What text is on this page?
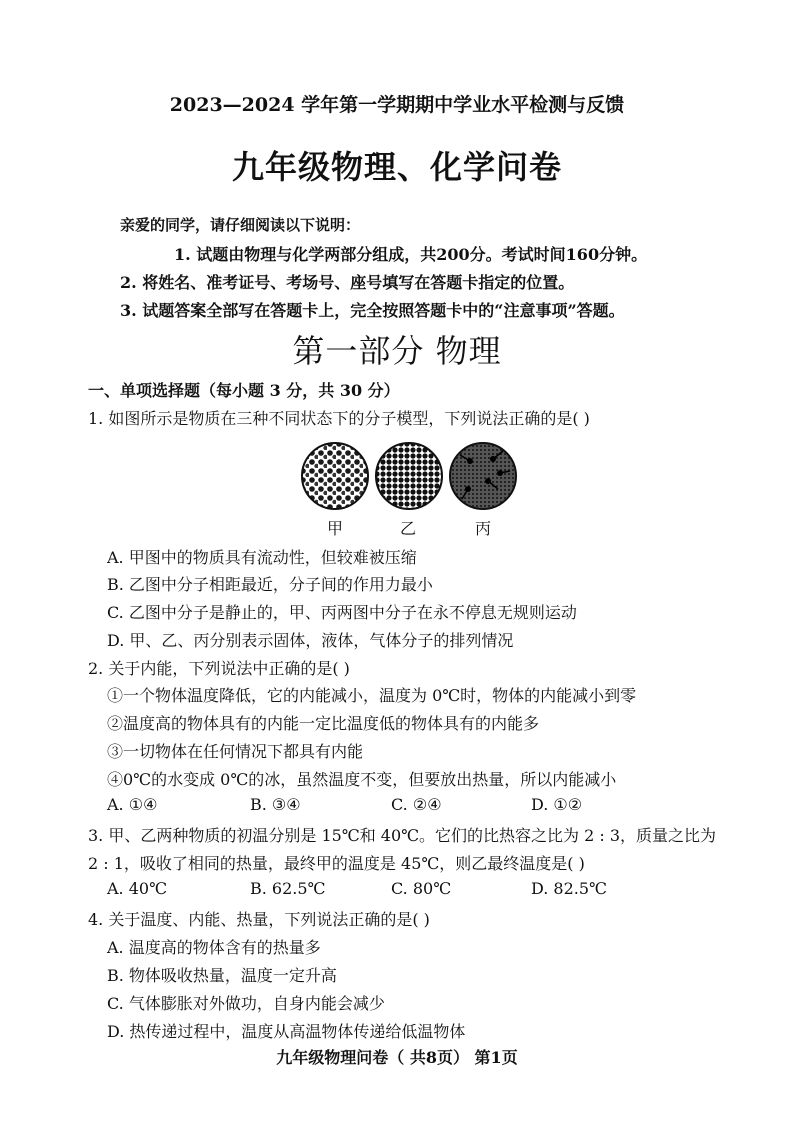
2023—2024 学年第一学期期中学业水平检测与反馈
九年级物理、化学问卷
亲爱的同学，请仔细阅读以下说明：
1. 试题由物理与化学两部分组成，共200分。考试时间160分钟。
2. 将姓名、准考证号、考场号、座号填写在答题卡指定的位置。
3. 试题答案全部写在答题卡上，完全按照答题卡中的“注意事项”答题。
第一部分 物理
一、单项选择题（每小题 3 分，共 30 分）
1. 如图所示是物质在三种不同状态下的分子模型，下列说法正确的是( )
甲	乙	丙
A. 甲图中的物质具有流动性，但较难被压缩
B. 乙图中分子相距最近，分子间的作用力最小
C. 乙图中分子是静止的，甲、丙两图中分子在永不停息无规则运动
D. 甲、乙、丙分别表示固体，液体，气体分子的排列情况
2. 关于内能，下列说法中正确的是( )
①一个物体温度降低，它的内能减小，温度为 0℃时，物体的内能减小到零
②温度高的物体具有的内能一定比温度低的物体具有的内能多
③一切物体在任何情况下都具有内能
④0℃的水变成 0℃的冰，虽然温度不变，但要放出热量，所以内能减小
A. ①④	B. ③④	C. ②④	D. ①②
3. 甲、乙两种物质的初温分别是 15℃和 40℃。它们的比热容之比为 2 : 3，质量之比为
2 : 1，吸收了相同的热量，最终甲的温度是 45℃，则乙最终温度是( )
A. 40℃	B. 62.5℃	C. 80℃	D. 82.5℃
4. 关于温度、内能、热量，下列说法正确的是( )
A. 温度高的物体含有的热量多
B. 物体吸收热量，温度一定升高
C. 气体膨胀对外做功，自身内能会减少
D. 热传递过程中，温度从高温物体传递给低温物体
九年级物理问卷（ 共8页） 第1页
